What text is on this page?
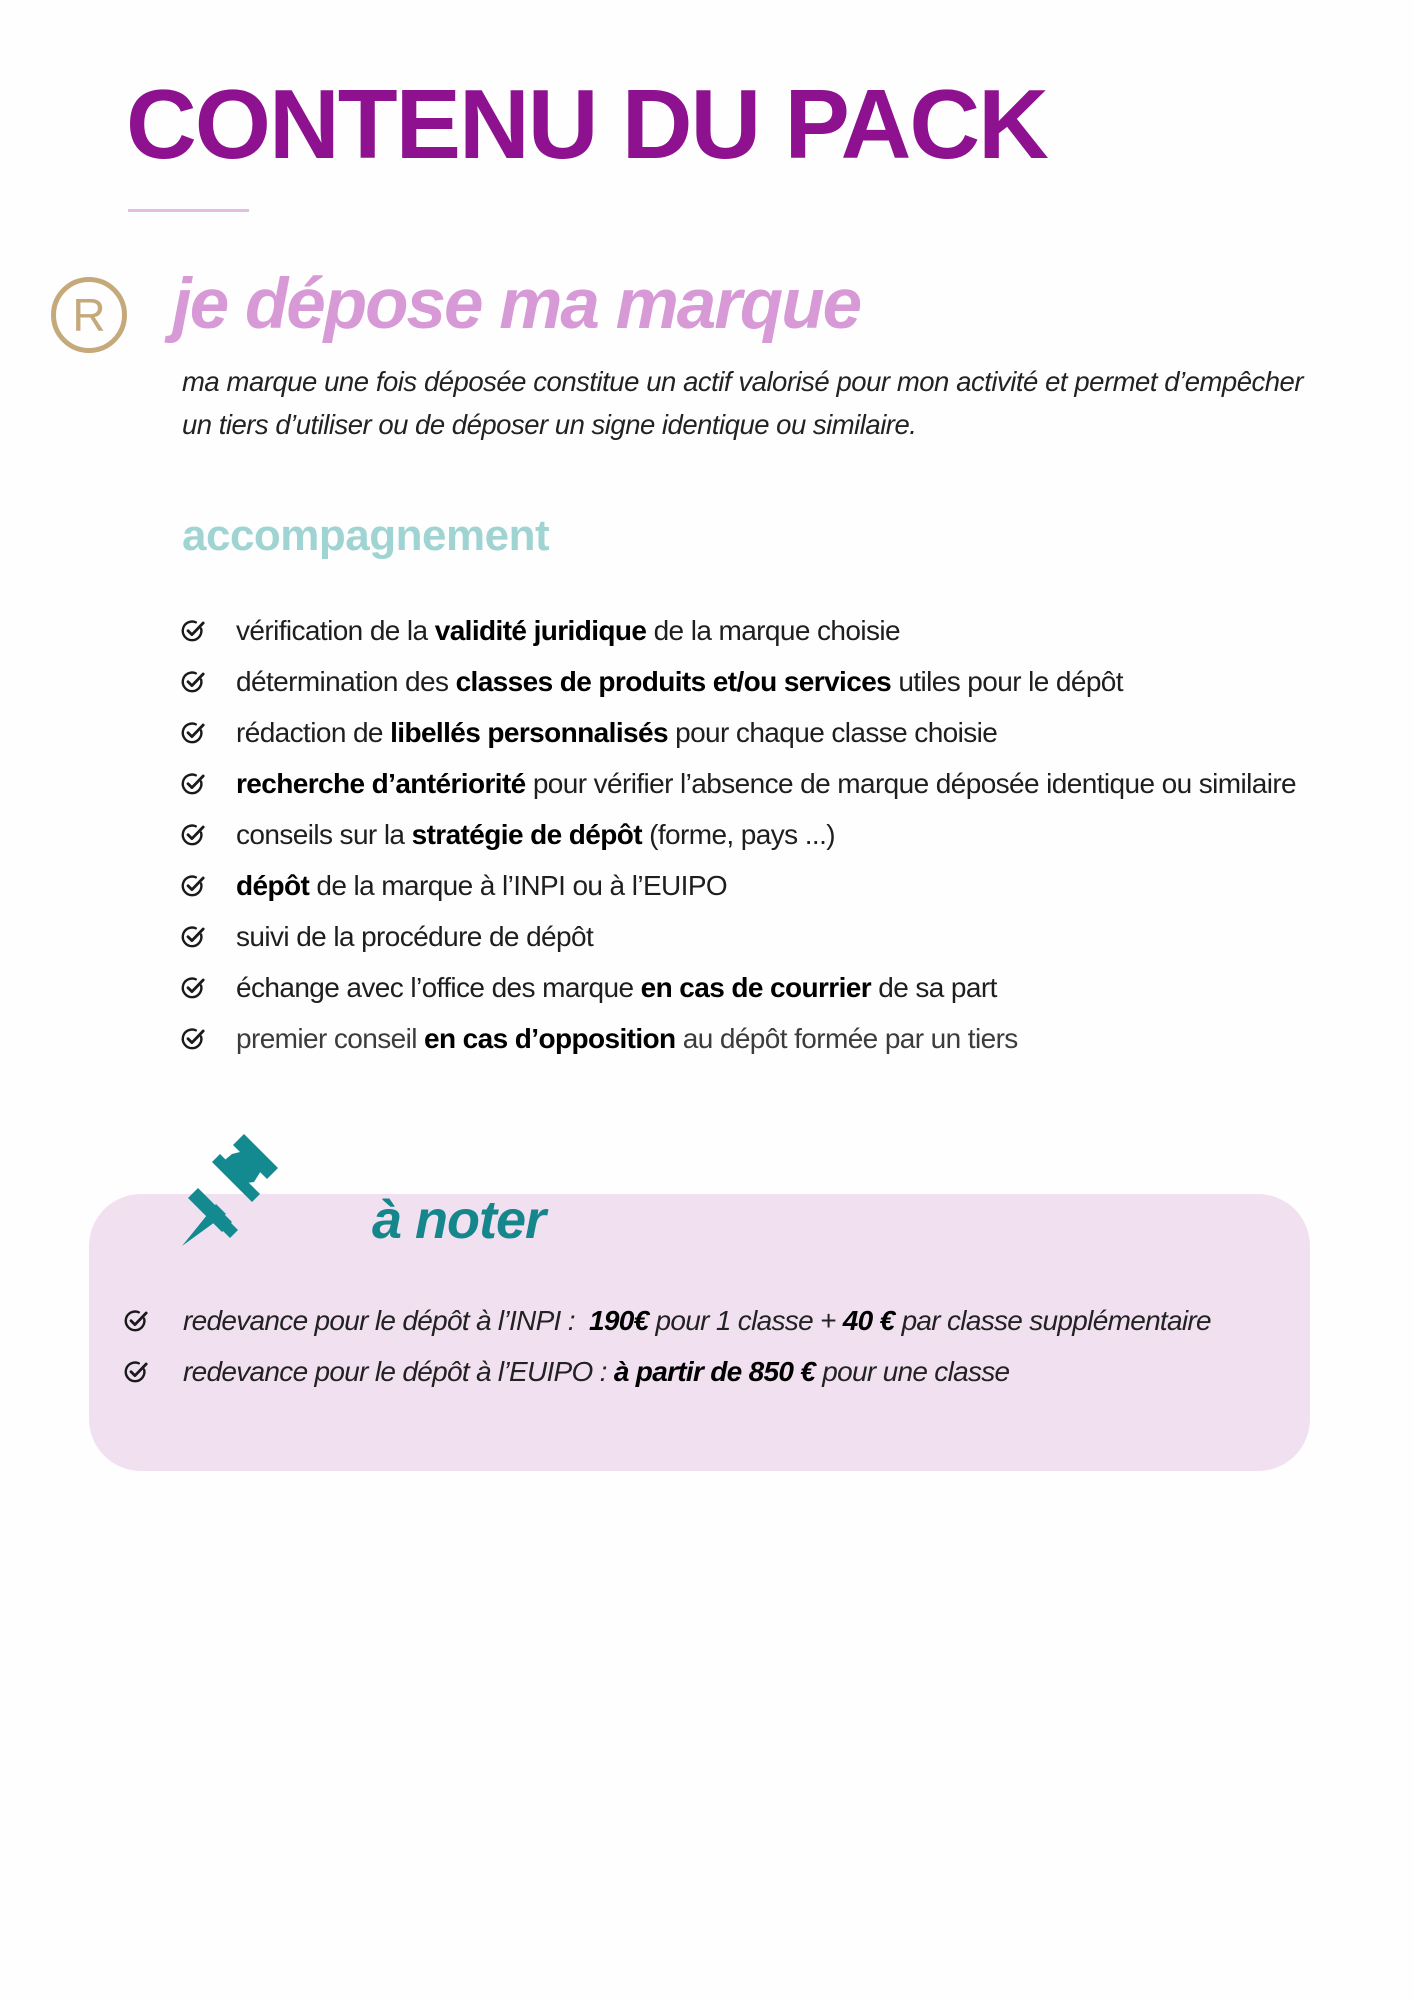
CONTENU DU PACK
R je dépose ma marque

ma marque une fois déposée constitue un actif valorisé pour mon activité et permet d’empêcher un tiers d’utiliser ou de déposer un signe identique ou similaire.

accompagnement
vérification de la validité juridique de la marque choisie
détermination des classes de produits et/ou services utiles pour le dépôt
rédaction de libellés personnalisés pour chaque classe choisie
recherche d’antériorité pour vérifier l’absence de marque déposée identique ou similaire
conseils sur la stratégie de dépôt (forme, pays ...)
dépôt de la marque à l’INPI ou à l’EUIPO
suivi de la procédure de dépôt
échange avec l’office des marque en cas de courrier de sa part
premier conseil en cas d’opposition au dépôt formée par un tiers
à noter
redevance pour le dépôt à l’INPI :  190€ pour 1 classe + 40 € par classe supplémentaire
redevance pour le dépôt à l’EUIPO : à partir de 850 € pour une classe
